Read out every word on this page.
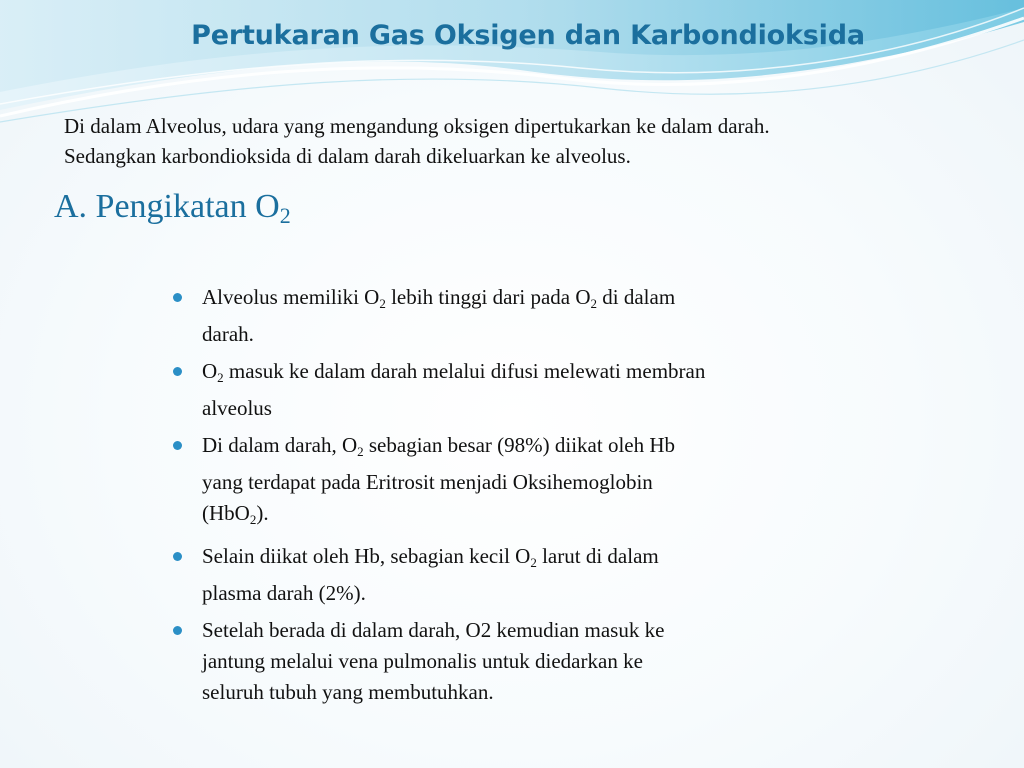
Pertukaran Gas Oksigen dan Karbondioksida

Di dalam Alveolus, udara yang mengandung oksigen dipertukarkan ke dalam darah.
Sedangkan karbondioksida di dalam darah dikeluarkan ke alveolus.

A. Pengikatan $O_2$
Alveolus memiliki $O_2$ lebih tinggi dari pada $O_2$ di dalam
darah.
$O_2$ masuk ke dalam darah melalui difusi melewati membran
alveolus
Di dalam darah, $O_2$ sebagian besar (98%) diikat oleh Hb
yang terdapat pada Eritrosit menjadi Oksihemoglobin
(HbO$_2$).
Selain diikat oleh Hb, sebagian kecil $O_2$ larut di dalam
plasma darah (2%).
Setelah berada di dalam darah, O2 kemudian masuk ke
jantung melalui vena pulmonalis untuk diedarkan ke
seluruh tubuh yang membutuhkan.
